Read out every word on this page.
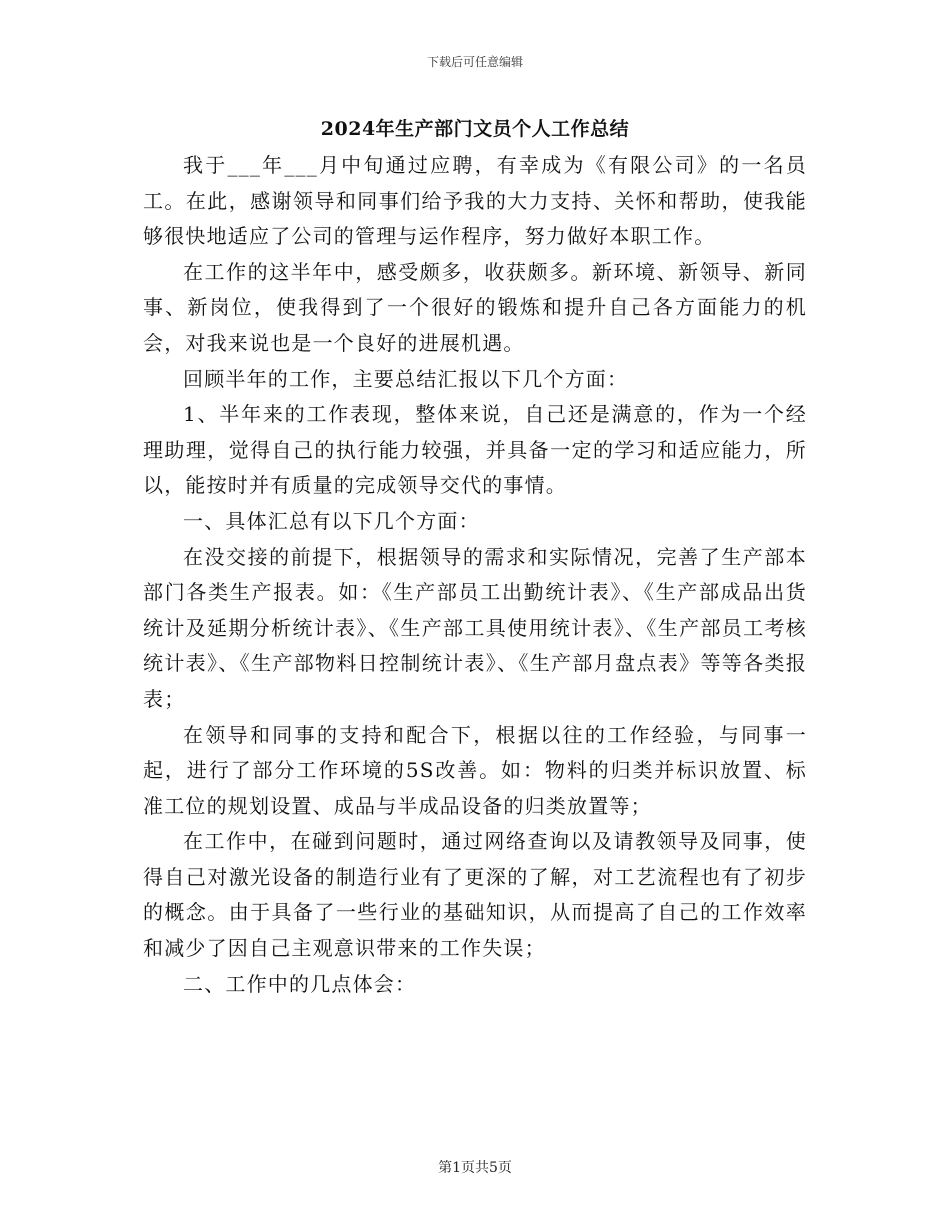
下载后可任意编辑
2024年生产部门文员个人工作总结

我于___年___月中旬通过应聘，有幸成为《有限公司》的一名员工。在此，感谢领导和同事们给予我的大力支持、关怀和帮助，使我能够很快地适应了公司的管理与运作程序，努力做好本职工作。

在工作的这半年中，感受颇多，收获颇多。新环境、新领导、新同事、新岗位，使我得到了一个很好的锻炼和提升自己各方面能力的机会，对我来说也是一个良好的进展机遇。

回顾半年的工作，主要总结汇报以下几个方面：

1、半年来的工作表现，整体来说，自己还是满意的，作为一个经理助理，觉得自己的执行能力较强，并具备一定的学习和适应能力，所以，能按时并有质量的完成领导交代的事情。

一、具体汇总有以下几个方面：

在没交接的前提下，根据领导的需求和实际情况，完善了生产部本部门各类生产报表。如：《生产部员工出勤统计表》、《生产部成品出货统计及延期分析统计表》、《生产部工具使用统计表》、《生产部员工考核统计表》、《生产部物料日控制统计表》、《生产部月盘点表》等等各类报表；

在领导和同事的支持和配合下，根据以往的工作经验，与同事一起，进行了部分工作环境的5S改善。如：物料的归类并标识放置、标准工位的规划设置、成品与半成品设备的归类放置等；

在工作中，在碰到问题时，通过网络查询以及请教领导及同事，使得自己对激光设备的制造行业有了更深的了解，对工艺流程也有了初步的概念。由于具备了一些行业的基础知识，从而提高了自己的工作效率和减少了因自己主观意识带来的工作失误；

二、工作中的几点体会：

第1页共5页
